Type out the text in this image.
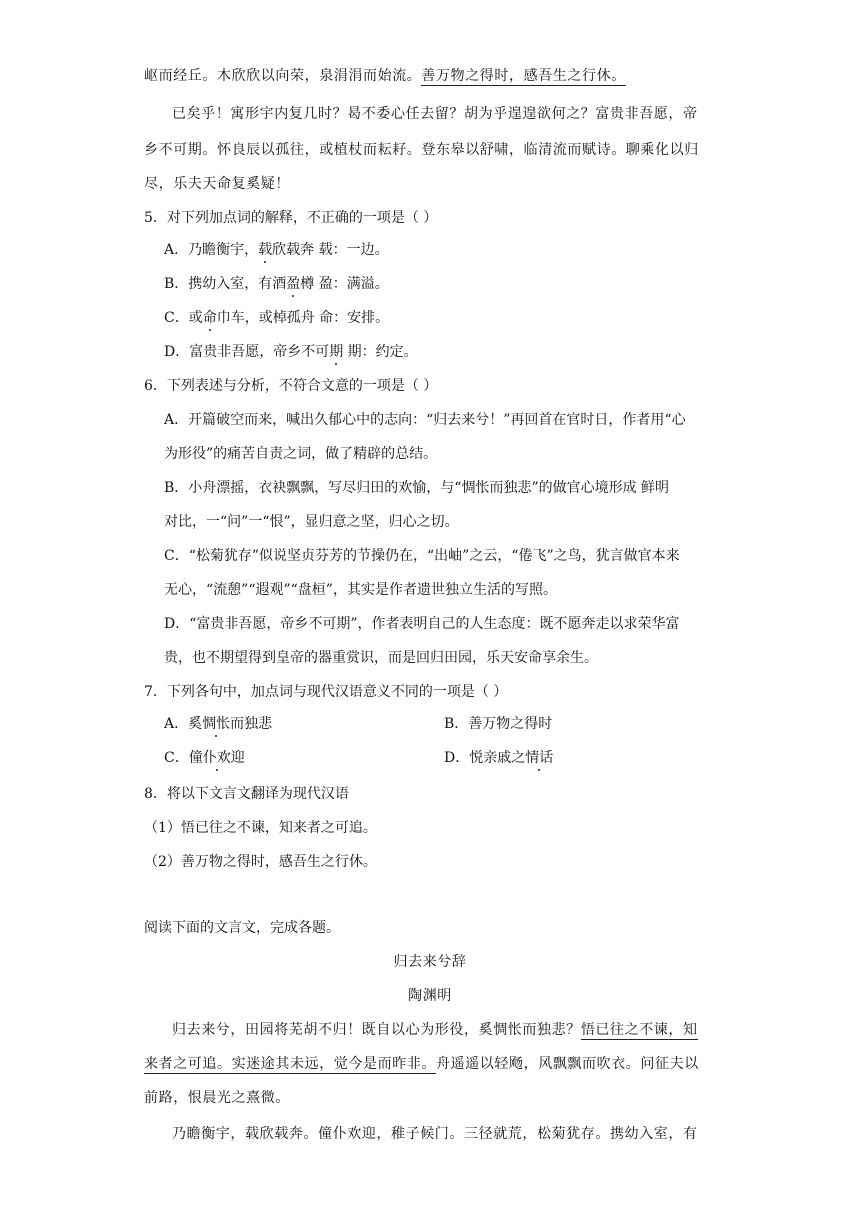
岖而经丘。木欣欣以向荣，泉涓涓而始流。善万物之得时，感吾生之行休。
已矣乎！寓形宇内复几时？曷不委心任去留？胡为乎遑遑欲何之？富贵非吾愿，帝
乡不可期。怀良辰以孤往，或植杖而耘耔。登东皋以舒啸，临清流而赋诗。聊乘化以归
尽，乐夫天命复奚疑！
5．对下列加点词的解释，不正确的一项是（ ）
A．乃瞻衡宇，载欣载奔 载：一边。
B．携幼入室，有酒盈樽 盈：满溢。
C．或命巾车，或棹孤舟 命：安排。
D．富贵非吾愿，帝乡不可期 期：约定。
6．下列表述与分析，不符合文意的一项是（ ）
A．开篇破空而来，喊出久郁心中的志向：“归去来兮！”再回首在官时日，作者用“心
为形役”的痛苦自责之词，做了精辟的总结。
B．小舟漂摇，衣袂飘飘，写尽归田的欢愉，与“惆怅而独悲”的做官心境形成 鲜明
对比，一“问”一“恨”，显归意之坚，归心之切。
C．“松菊犹存”似说坚贞芬芳的节操仍在，“出岫”之云，“倦飞”之鸟，犹言做官本来
无心，“流憩”“遐观”“盘桓”，其实是作者遗世独立生活的写照。
D．“富贵非吾愿，帝乡不可期”，作者表明自己的人生态度：既不愿奔走以求荣华富
贵，也不期望得到皇帝的器重赏识，而是回归田园，乐天安命享余生。
7．下列各句中，加点词与现代汉语意义不同的一项是（ ）
A．奚惆怅而独悲	B．善万物之得时
C．僮仆欢迎	D．悦亲戚之情话
8．将以下文言文翻译为现代汉语
（1）悟已往之不谏，知来者之可追。
（2）善万物之得时，感吾生之行休。
阅读下面的文言文，完成各题。
归去来兮辞
陶渊明
归去来兮，田园将芜胡不归！既自以心为形役，奚惆怅而独悲？悟已往之不谏，知
来者之可追。实迷途其未远，觉今是而昨非。舟遥遥以轻飏，风飘飘而吹衣。问征夫以
前路，恨晨光之熹微。
乃瞻衡宇，载欣载奔。僮仆欢迎，稚子候门。三径就荒，松菊犹存。携幼入室，有
